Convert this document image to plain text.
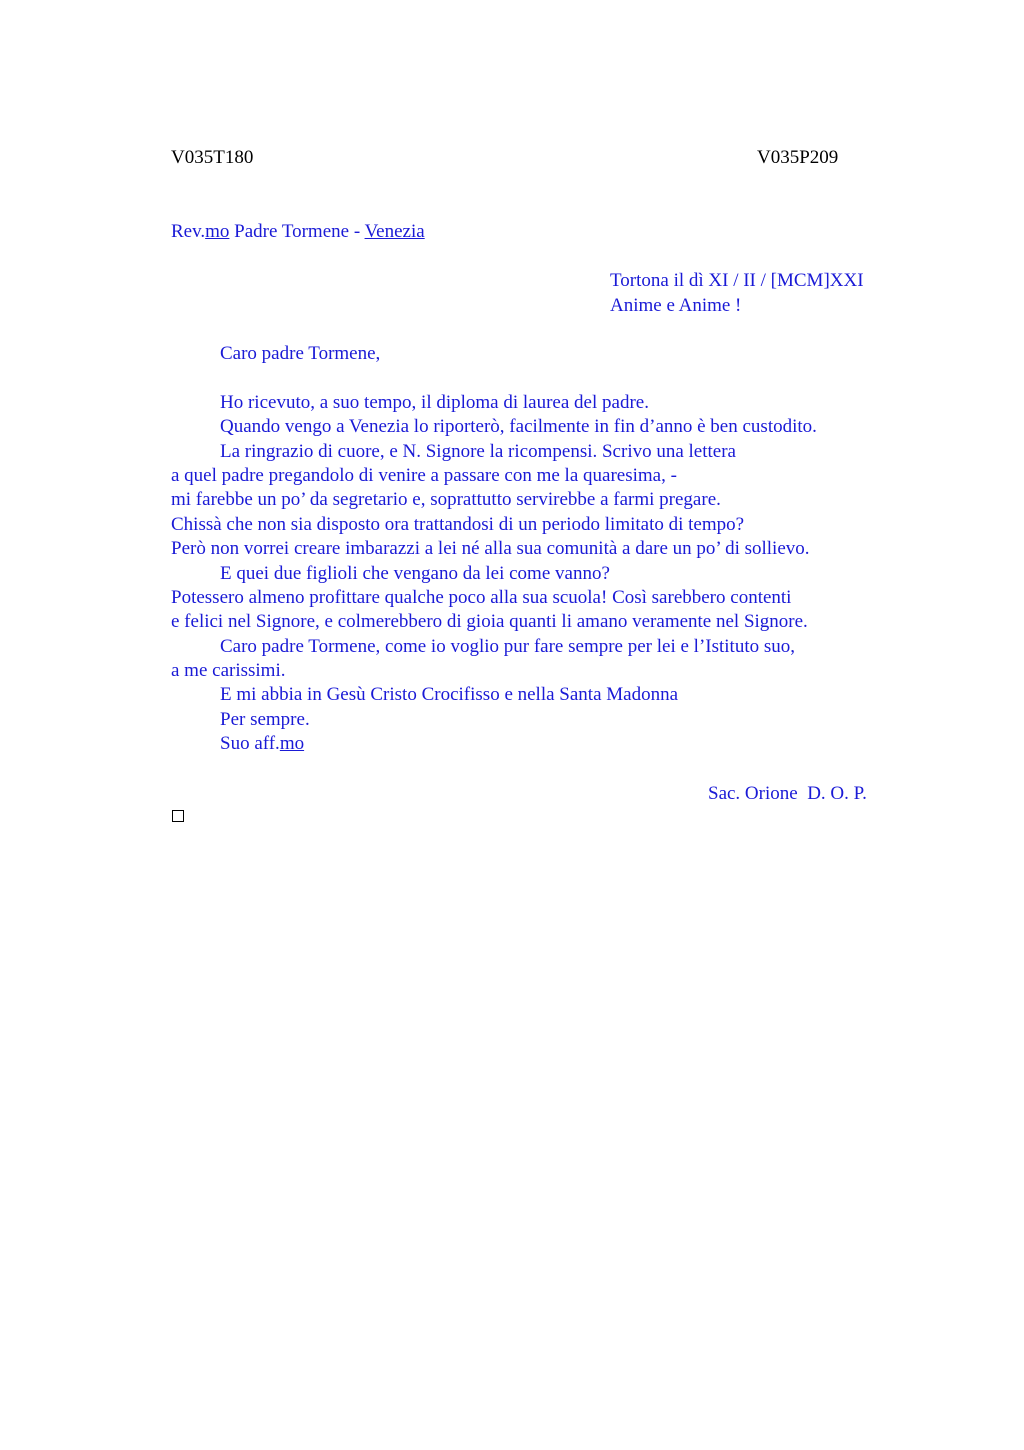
V035T180	V035P209
Rev.mo Padre Tormene - Venezia
Tortona il dì XI / II / [MCM]XXI
Anime e Anime !
Caro padre Tormene,
Ho ricevuto, a suo tempo, il diploma di laurea del padre.
Quando vengo a Venezia lo riporterò, facilmente in fin d’anno è ben custodito.
La ringrazio di cuore, e N. Signore la ricompensi. Scrivo una lettera
a quel padre pregandolo di venire a passare con me la quaresima, -
mi farebbe un po’ da segretario e, soprattutto servirebbe a farmi pregare.
Chissà che non sia disposto ora trattandosi di un periodo limitato di tempo?
Però non vorrei creare imbarazzi a lei né alla sua comunità a dare un po’ di sollievo.
E quei due figlioli che vengano da lei come vanno?
Potessero almeno profittare qualche poco alla sua scuola! Così sarebbero contenti
e felici nel Signore, e colmerebbero di gioia quanti li amano veramente nel Signore.
Caro padre Tormene, come io voglio pur fare sempre per lei e l’Istituto suo,
a me carissimi.
E mi abbia in Gesù Cristo Crocifisso e nella Santa Madonna
Per sempre.
Suo aff.mo
Sac. Orione  D. O. P.
